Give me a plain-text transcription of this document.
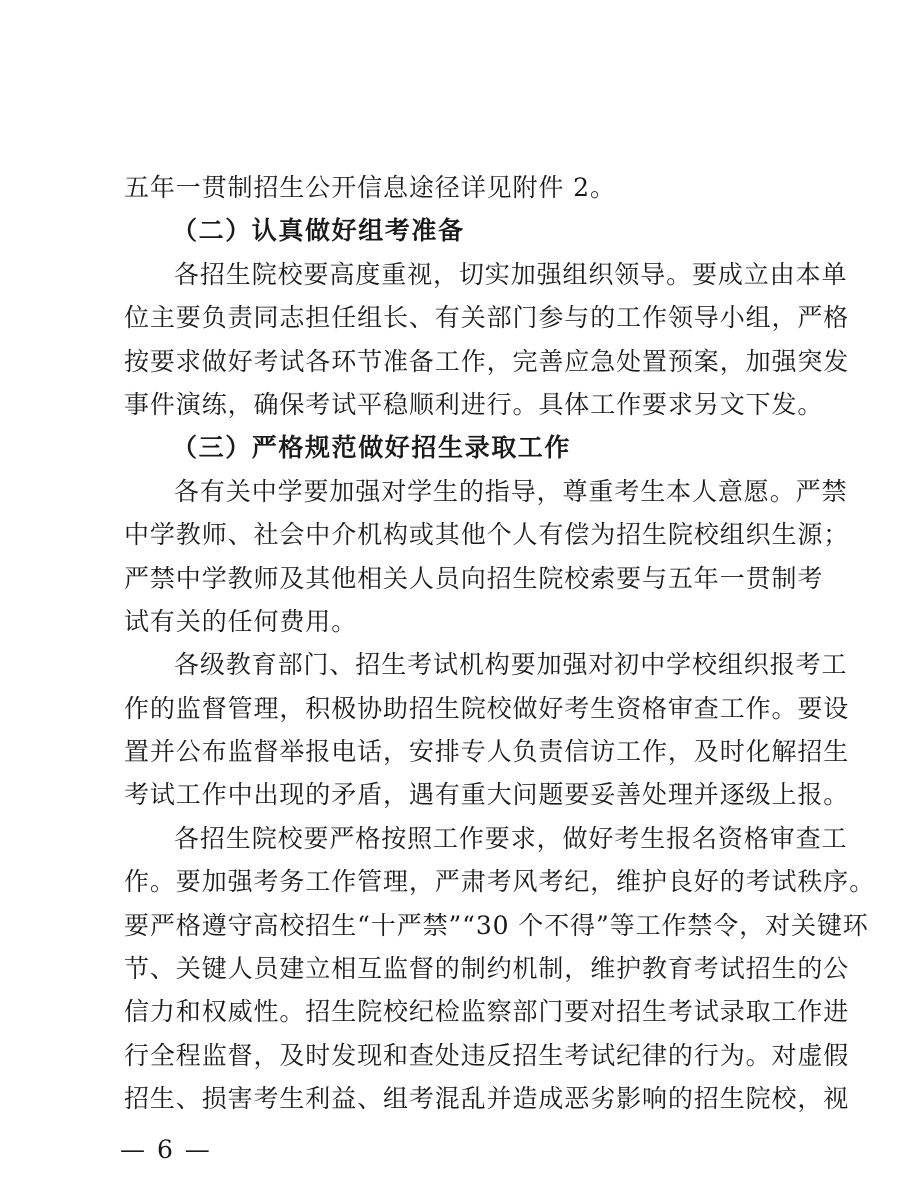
五年一贯制招生公开信息途径详见附件 2。
（二）认真做好组考准备
各招生院校要高度重视，切实加强组织领导。要成立由本单
位主要负责同志担任组长、有关部门参与的工作领导小组，严格
按要求做好考试各环节准备工作，完善应急处置预案，加强突发
事件演练，确保考试平稳顺利进行。具体工作要求另文下发。
（三）严格规范做好招生录取工作
各有关中学要加强对学生的指导，尊重考生本人意愿。严禁
中学教师、社会中介机构或其他个人有偿为招生院校组织生源；
严禁中学教师及其他相关人员向招生院校索要与五年一贯制考
试有关的任何费用。
各级教育部门、招生考试机构要加强对初中学校组织报考工
作的监督管理，积极协助招生院校做好考生资格审查工作。要设
置并公布监督举报电话，安排专人负责信访工作，及时化解招生
考试工作中出现的矛盾，遇有重大问题要妥善处理并逐级上报。
各招生院校要严格按照工作要求，做好考生报名资格审查工
作。要加强考务工作管理，严肃考风考纪，维护良好的考试秩序。
要严格遵守高校招生“十严禁”“30 个不得”等工作禁令，对关键环
节、关键人员建立相互监督的制约机制，维护教育考试招生的公
信力和权威性。招生院校纪检监察部门要对招生考试录取工作进
行全程监督，及时发现和查处违反招生考试纪律的行为。对虚假
招生、损害考生利益、组考混乱并造成恶劣影响的招生院校，视
— 6 —
